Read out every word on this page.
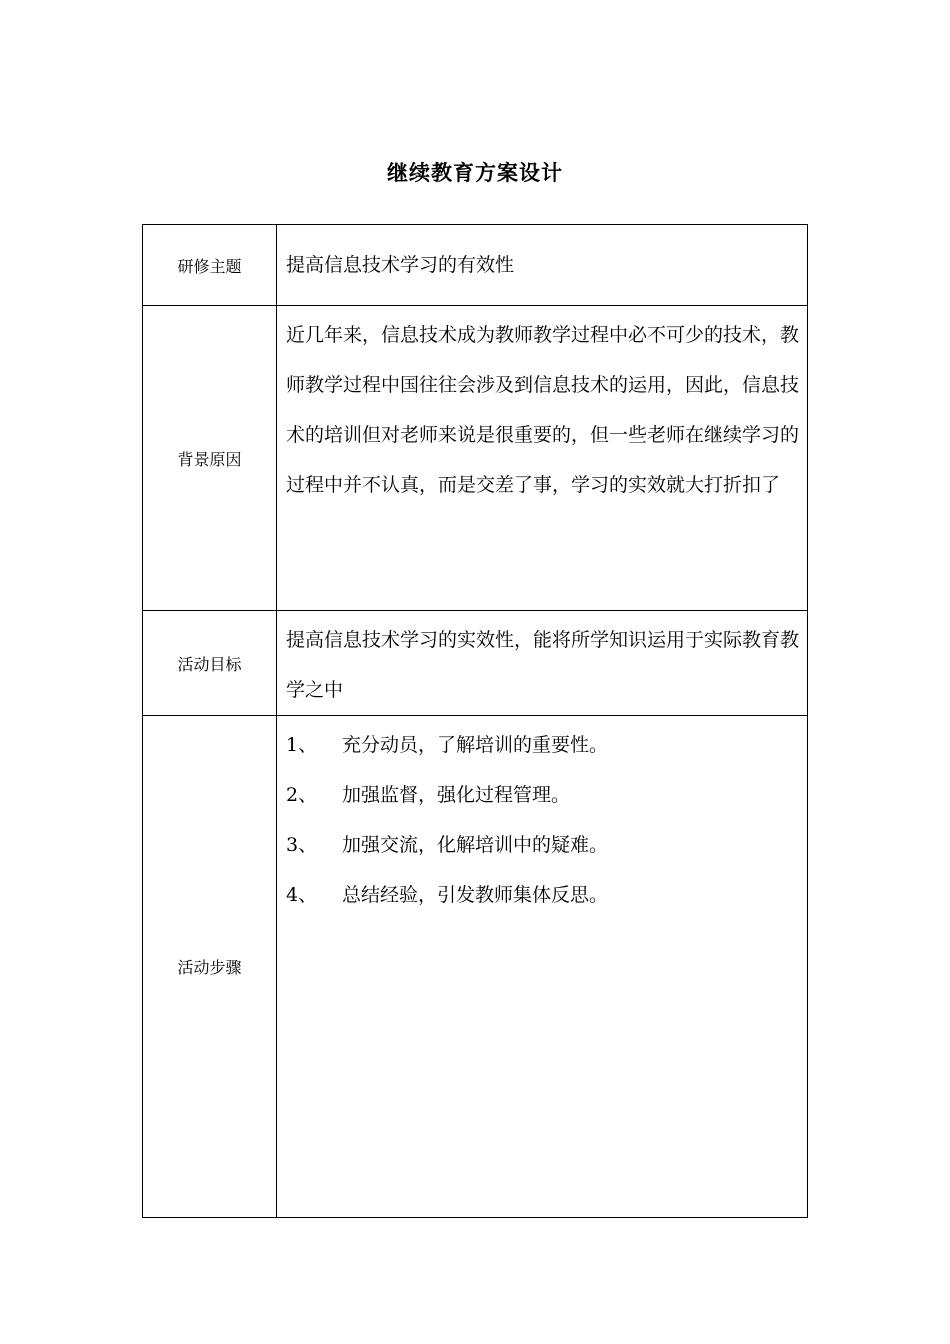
继续教育方案设计
研修主题	提高信息技术学习的有效性
背景原因	近几年来，信息技术成为教师教学过程中必不可少的技术，教师教学过程中国往往会涉及到信息技术的运用，因此，信息技术的培训但对老师来说是很重要的，但一些老师在继续学习的过程中并不认真，而是交差了事，学习的实效就大打折扣了
活动目标	提高信息技术学习的实效性，能将所学知识运用于实际教育教学之中
活动步骤	1、 充分动员，了解培训的重要性。
2、 加强监督，强化过程管理。
3、 加强交流，化解培训中的疑难。
4、 总结经验，引发教师集体反思。
